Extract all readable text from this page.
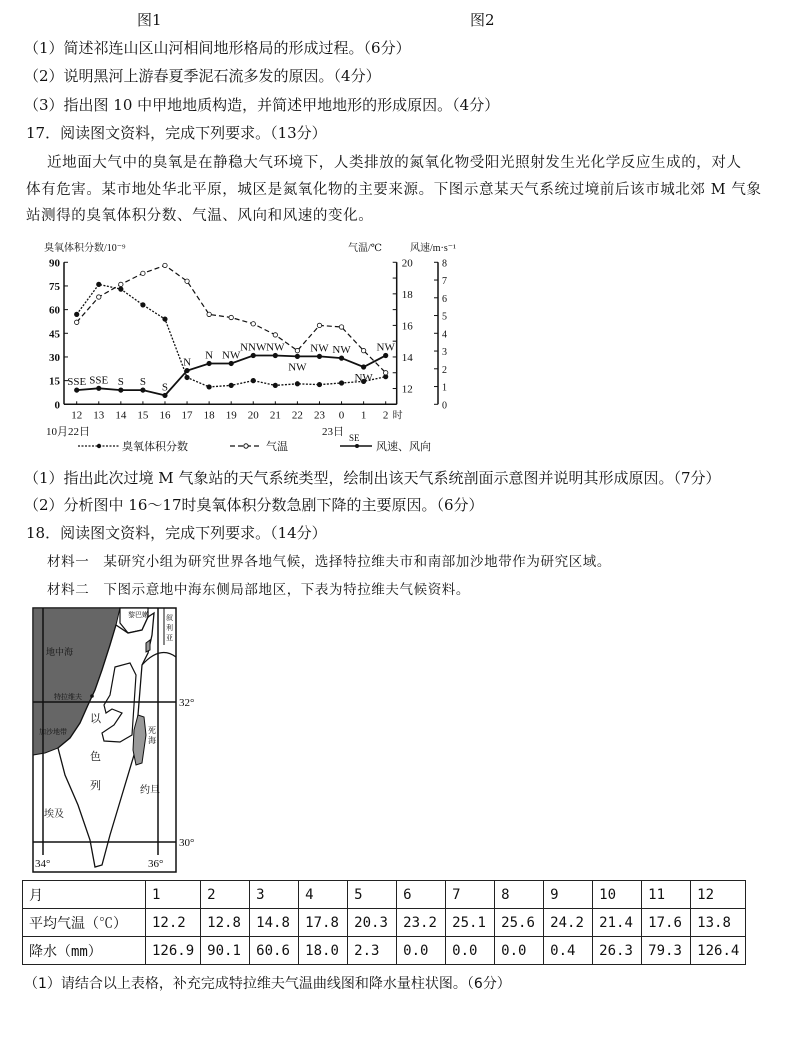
图1	图2
（1）简述祁连山区山河相间地形格局的形成过程。（6分）
（2）说明黑河上游春夏季泥石流多发的原因。（4分）
（3）指出图 10 中甲地地质构造，并简述甲地地形的形成原因。（4分）
17．阅读图文资料，完成下列要求。（13分）
近地面大气中的臭氧是在静稳大气环境下，人类排放的氮氧化物受阳光照射发生光化学反应生成的，对人
体有危害。某市地处华北平原，城区是氮氧化物的主要来源。下图示意某天气系统过境前后该市城北郊 M 气象
站测得的臭氧体积分数、气温、风向和风速的变化。
臭氧体积分数/10⁻⁹	气温/℃	风速/m·s⁻¹
0
15
30
45
60
75
90
12
14
16
18
20
0
1
2
3
4
5
6
7
8
12 13 14 15 16 17 18 19 20 21 22 23 0 1 2 时
SSE SSE S S S
N
N NW
NNW NW
NW
NW NW
NW
NW
10月22日	23日
臭氧体积分数	气温
SE
风速、风向
（1）指出此次过境 M 气象站的天气系统类型，绘制出该天气系统剖面示意图并说明其形成原因。（7分）
（2）分析图中 16～17时臭氧体积分数急剧下降的主要原因。（6分）
18．阅读图文资料，完成下列要求。（14分）
材料一　某研究小组为研究世界各地气候，选择特拉维夫市和南部加沙地带作为研究区域。
材料二　下图示意地中海东侧局部地区，下表为特拉维夫气候资料。
地中海
特拉维夫
加沙地带
以
色
列
死
海
约旦
埃及
黎巴嫩 叙
利
亚
32°
30°
34°	36°
月	1	2	3	4	5	6	7	8	9	10	11	12
平均气温（℃）	12.2	12.8	14.8	17.8	20.3	23.2	25.1	25.6	24.2	21.4	17.6	13.8
降水（mm）	126.9	90.1	60.6	18.0	2.3	0.0	0.0	0.0	0.4	26.3	79.3	126.4
（1）请结合以上表格，补充完成特拉维夫气温曲线图和降水量柱状图。（6分）
